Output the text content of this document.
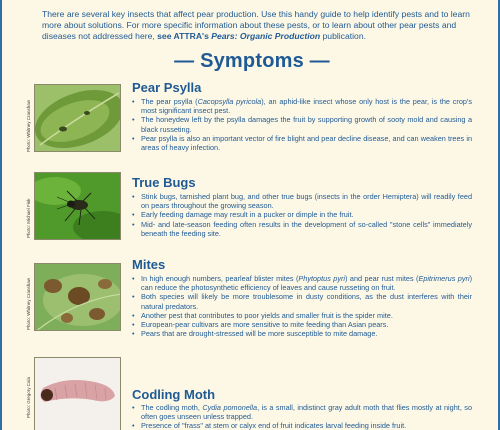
There are several key insects that affect pear production. Use this handy guide to help identify pests and to learn more about solutions. For more specific information about these pests, or to learn about other pear pests and diseases not addressed here, see ATTRA's Pears: Organic Production publication.
— Symptoms —
Photo: Whitney Cranshaw
Pear Psylla
• The pear psylla (Cacopsylla pyricola), an aphid-like insect whose only host is the pear, is the crop's most significant insect pest.
• The honeydew left by the psylla damages the fruit by supporting growth of sooty mold and causing a black russeting.
• Pear psylla is also an important vector of fire blight and pear decline disease, and can weaken trees in areas of heavy infection.
Photo: Michael Fink
True Bugs
• Stink bugs, tarnished plant bug, and other true bugs (insects in the order Hemiptera) will readily feed on pears throughout the growing season.
• Early feeding damage may result in a pucker or dimple in the fruit.
• Mid- and late-season feeding often results in the development of so-called "stone cells" immediately beneath the feeding site.
Photo: Whitney Cranshaw
Mites
• In high enough numbers, pearleaf blister mites (Phytoptus pyri) and pear rust mites (Epitrimerus pyri) can reduce the photosynthetic efficiency of leaves and cause russeting on fruit.
• Both species will likely be more troublesome in dusty conditions, as the dust interferes with their natural predators.
• Another pest that contributes to poor yields and smaller fruit is the spider mite.
• European-pear cultivars are more sensitive to mite feeding than Asian pears.
• Pears that are drought-stressed will be more susceptible to mite damage.
Photo: Gregory Cala	Codling Moth
• The codling moth, Cydia pomonella, is a small, indistinct gray adult moth that flies mostly at night, so often goes unseen unless trapped.
• Presence of "frass" at stem or calyx end of fruit indicates larval feeding inside fruit.
